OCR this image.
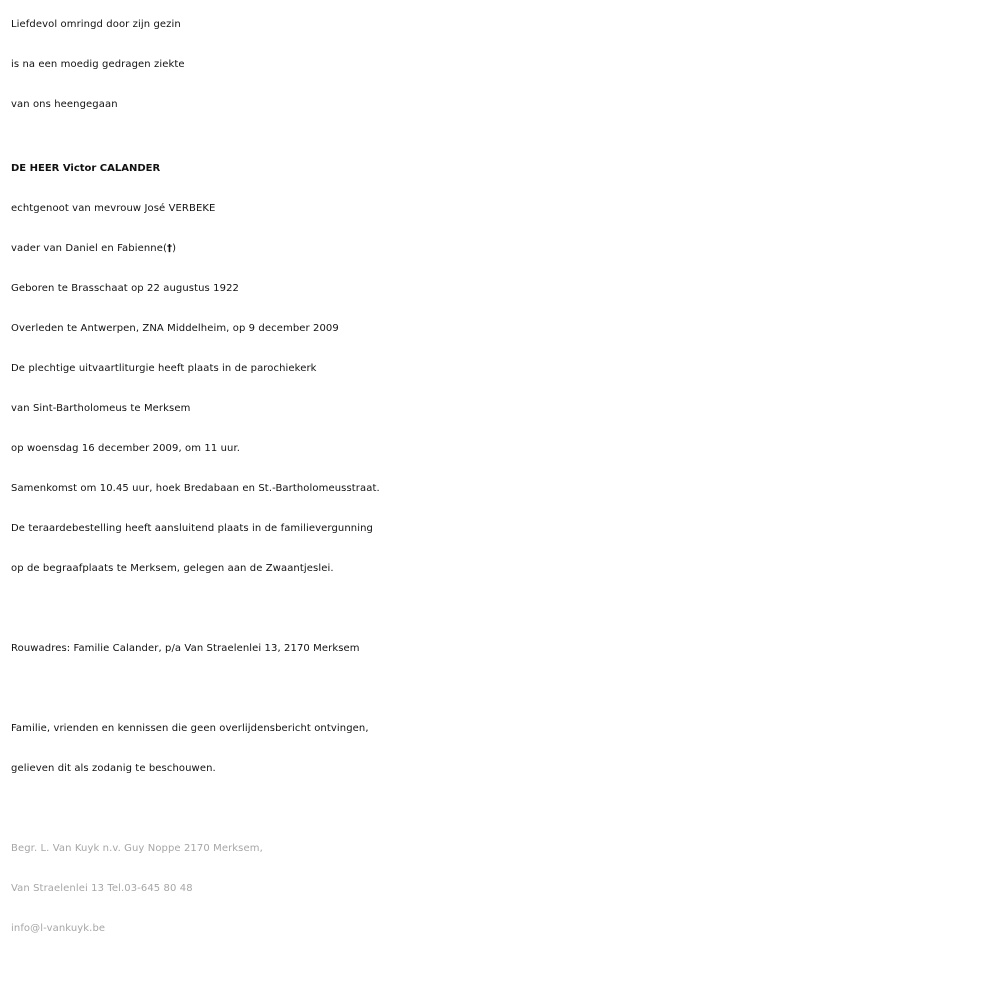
Liefdevol omringd door zijn gezin
is na een moedig gedragen ziekte
van ons heengegaan
DE HEER Victor CALANDER
echtgenoot van mevrouw José VERBEKE
vader van Daniel en Fabienne(†)
Geboren te Brasschaat op 22 augustus 1922
Overleden te Antwerpen, ZNA Middelheim, op 9 december 2009
De plechtige uitvaartliturgie heeft plaats in de parochiekerk
van Sint-Bartholomeus te Merksem
op woensdag 16 december 2009, om 11 uur.
Samenkomst om 10.45 uur, hoek Bredabaan en St.-Bartholomeusstraat.
De teraardebestelling heeft aansluitend plaats in de familievergunning
op de begraafplaats te Merksem, gelegen aan de Zwaantjeslei.
Rouwadres: Familie Calander, p/a Van Straelenlei 13, 2170 Merksem
Familie, vrienden en kennissen die geen overlijdensbericht ontvingen,
gelieven dit als zodanig te beschouwen.
Begr. L. Van Kuyk n.v. Guy Noppe 2170 Merksem,
Van Straelenlei 13 Tel.03-645 80 48
info@l-vankuyk.be
